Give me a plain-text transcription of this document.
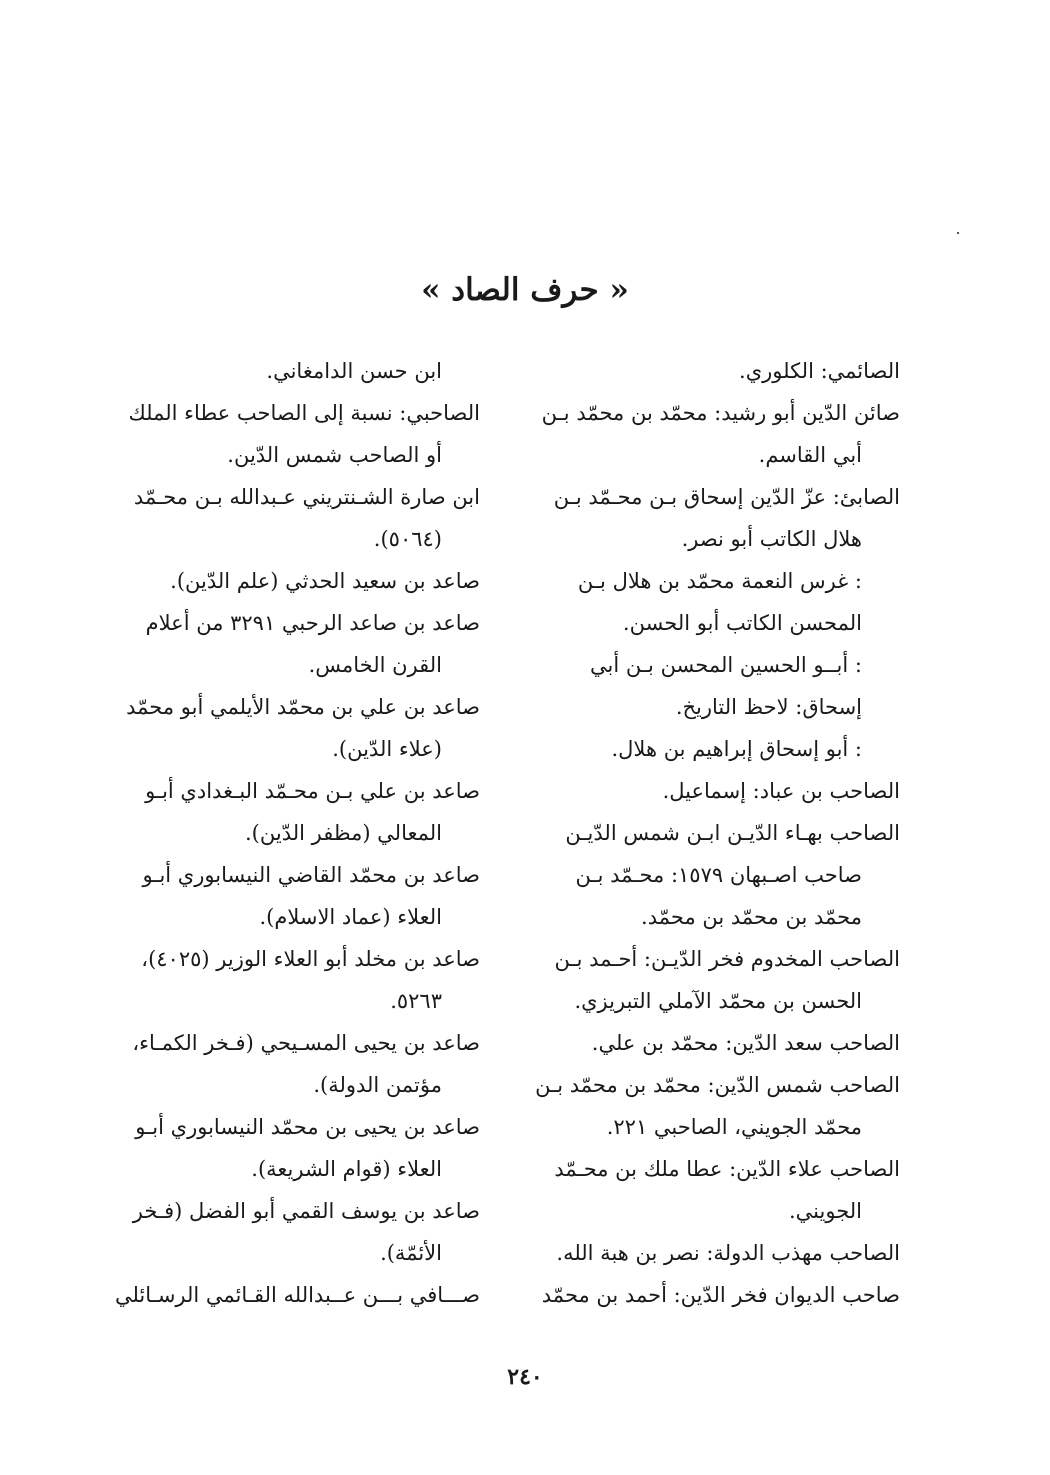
« حرف الصاد »
الصائمي: الكلوري.
صائن الدّين أبو رشيد: محمّد بن محمّد بـن
أبي القاسم.
الصابئ: عزّ الدّين إسحاق بـن محـمّد بـن
هلال الكاتب أبو نصر.
: غرس النعمة محمّد بن هلال بـن
المحسن الكاتب أبو الحسن.
: أبــو الحسين المحسن بـن أبي
إسحاق: لاحظ التاريخ.
: أبو إسحاق إبراهيم بن هلال.
الصاحب بن عباد: إسماعيل.
الصاحب بهـاء الدّيـن ابـن شمس الدّيـن
صاحب اصـبهان ١٥٧٩: محـمّد بـن
محمّد بن محمّد بن محمّد.
الصاحب المخدوم فخر الدّيـن: أحـمد بـن
الحسن بن محمّد الآملي التبريزي.
الصاحب سعد الدّين: محمّد بن علي.
الصاحب شمس الدّين: محمّد بن محمّد بـن
محمّد الجويني، الصاحبي ٢٢١.
الصاحب علاء الدّين: عطا ملك بن محـمّد
الجويني.
الصاحب مهذب الدولة: نصر بن هبة الله.
صاحب الديوان فخر الدّين: أحمد بن محمّد
ابن حسن الدامغاني.
الصاحبي: نسبة إلى الصاحب عطاء الملك
أو الصاحب شمس الدّين.
ابن صارة الشـنتريني عـبدالله بـن محـمّد
(٥٠٦٤).
صاعد بن سعيد الحدثي (علم الدّين).
صاعد بن صاعد الرحبي ٣٢٩١ من أعلام
القرن الخامس.
صاعد بن علي بن محمّد الأيلمي أبو محمّد
(علاء الدّين).
صاعد بن علي بـن محـمّد البـغدادي أبـو
المعالي (مظفر الدّين).
صاعد بن محمّد القاضي النيسابوري أبـو
العلاء (عماد الاسلام).
صاعد بن مخلد أبو العلاء الوزير (٤٠٢٥)،
٥٢٦٣.
صاعد بن يحيى المسـيحي (فـخر الكمـاء،
مؤتمن الدولة).
صاعد بن يحيى بن محمّد النيسابوري أبـو
العلاء (قوام الشريعة).
صاعد بن يوسف القمي أبو الفضل (فـخر
الأئمّة).
صـــافي بـــن عــبدالله القـائمي الرسـائلي
٢٤٠
